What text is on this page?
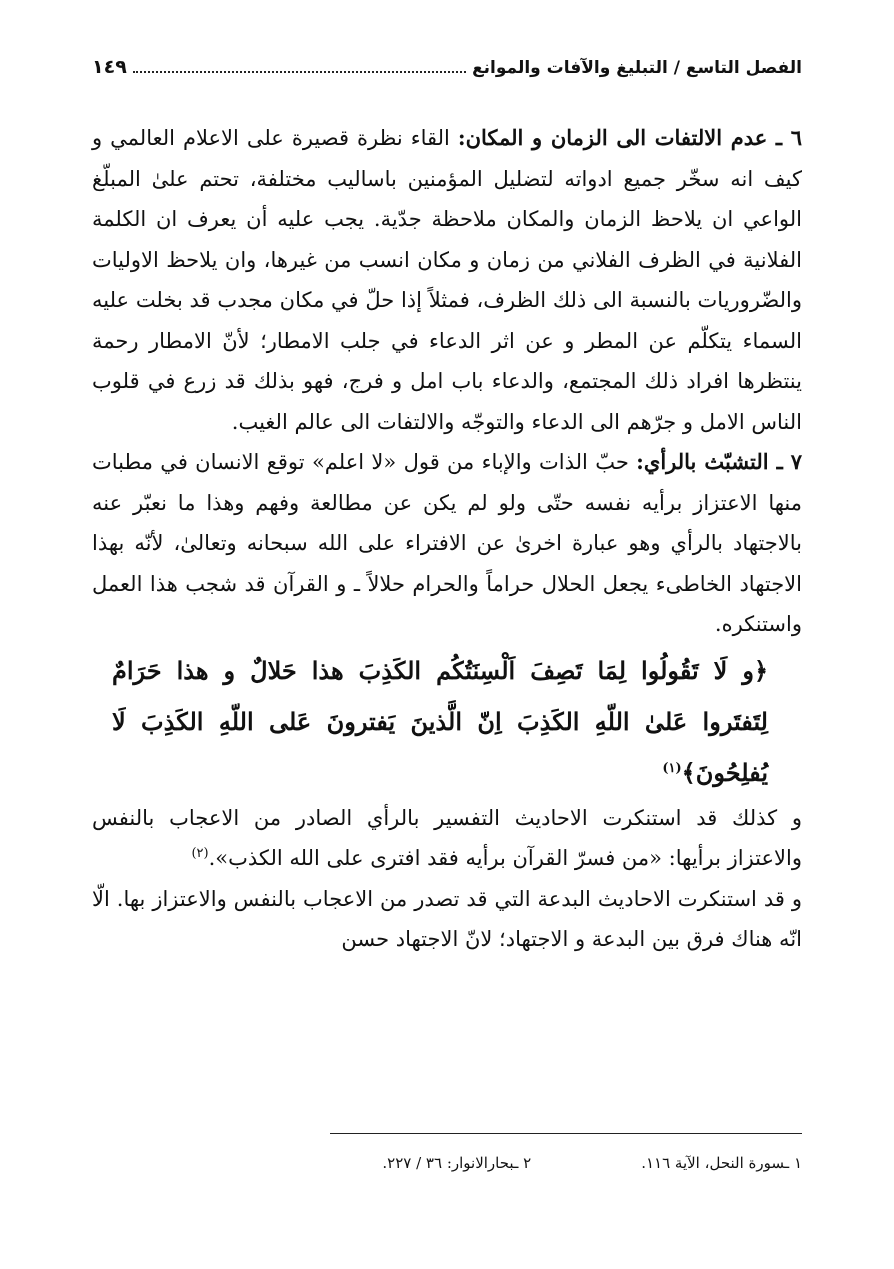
الفصل التاسع / التبليغ والآفات والموانع
١٤٩

٦ ـ عدم الالتفات الى الزمان و المكان: القاء نظرة قصيرة على الاعلام العالمي و كيف انه سخّر جميع ادواته لتضليل المؤمنين باساليب مختلفة، تحتم علىٰ المبلّغ الواعي ان يلاحظ الزمان والمكان ملاحظة جدّية. يجب عليه أن يعرف ان الكلمة الفلانية في الظرف الفلاني من زمان و مكان انسب من غيرها، وان يلاحظ الاوليات والضّروريات بالنسبة الى ذلك الظرف، فمثلاً إذا حلّ في مكان مجدب قد بخلت عليه السماء يتكلّم عن المطر و عن اثر الدعاء في جلب الامطار؛ لأنّ الامطار رحمة ينتظرها افراد ذلك المجتمع، والدعاء باب امل و فرج، فهو بذلك قد زرع في قلوب الناس الامل و جرّهم الى الدعاء والتوجّه والالتفات الى عالم الغيب.

٧ ـ التشبّث بالرأي: حبّ الذات والإباء من قول «لا اعلم» توقع الانسان في مطبات منها الاعتزاز برأيه نفسه حتّى ولو لم يكن عن مطالعة وفهم وهذا ما نعبّر عنه بالاجتهاد بالرأي وهو عبارة اخرىٰ عن الافتراء على الله سبحانه وتعالىٰ، لأنّه بهذا الاجتهاد الخاطىء يجعل الحلال حراماً والحرام حلالاً ـ و القرآن قد شجب هذا العمل واستنكره.

﴿و لَا تَقُولُوا لِمَا تَصِفَ اَلْسِنَتُكُم الكَذِبَ هذا حَلالٌ و هذا حَرَامٌ لِتَفتَروا عَلىٰ اللّهِ الكَذِبَ اِنّ الَّذينَ يَفترونَ عَلى اللّهِ الكَذِبَ لَا يُفلِحُونَ﴾$^{(١)}$

و كذلك قد استنكرت الاحاديث التفسير بالرأي الصادر من الاعجاب بالنفس والاعتزاز برأيها: «من فسرّ القرآن برأيه فقد افترى على الله الكذب».$^{(٢)}$

و قد استنكرت الاحاديث البدعة التي قد تصدر من الاعجاب بالنفس والاعتزاز بها. الّا انّه هناك فرق بين البدعة و الاجتهاد؛ لانّ الاجتهاد حسن

١ ـسورة النحل، الآية ١١٦.
٢ ـبحارالانوار: ٣٦ / ٢٢٧.
